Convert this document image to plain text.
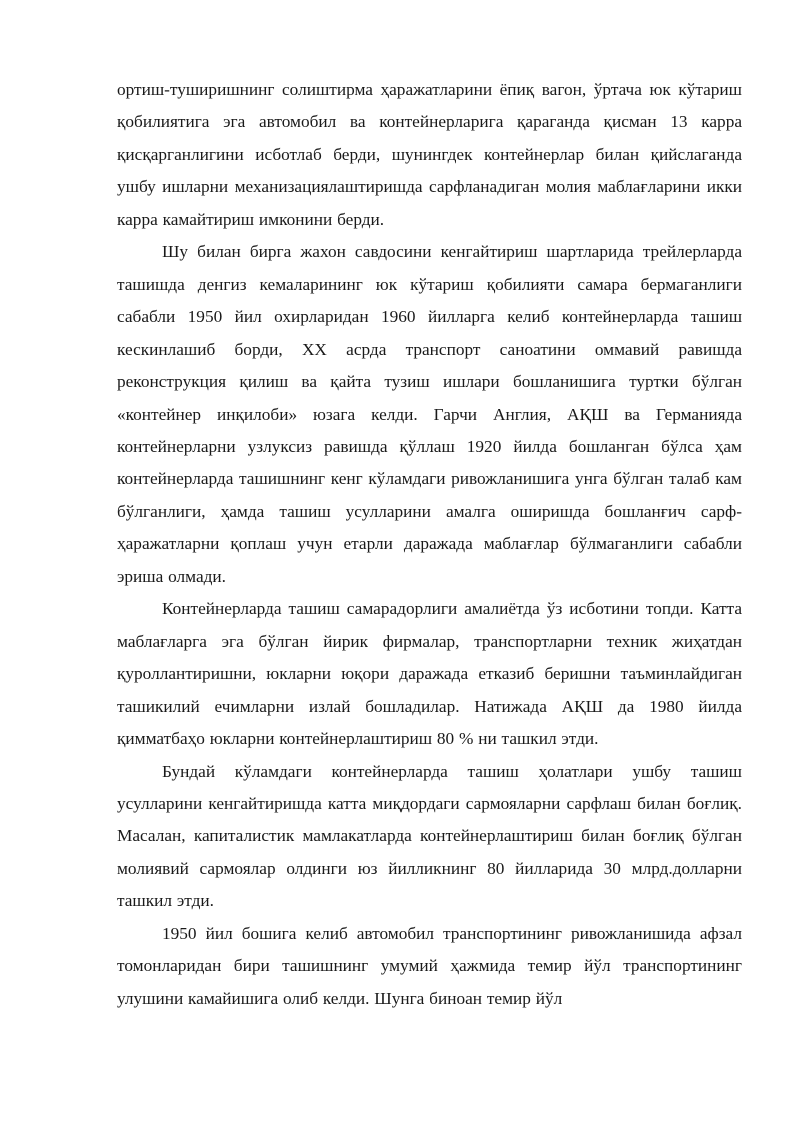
ортиш-туширишнинг солиштирма ҳаражатларини ёпиқ вагон, ўртача юк кўтариш қобилиятига эга автомобил ва контейнерларига қараганда қисман 13 карра қисқарганлигини исботлаб берди, шунингдек контейнерлар билан қийслаганда ушбу ишларни механизациялаштиришда сарфланадиган молия маблағларини икки карра камайтириш имконини берди.

Шу билан бирга жахон савдосини кенгайтириш шартларида трейлерларда ташишда денгиз кемаларининг юк кўтариш қобилияти самара бермаганлиги сабабли 1950 йил охирларидан 1960 йилларга келиб контейнерларда ташиш кескинлашиб борди, XX асрда транспорт саноатини оммавий равишда реконструкция қилиш ва қайта тузиш ишлари бошланишига туртки бўлган «контейнер инқилоби» юзага келди. Гарчи Англия, АҚШ ва Германияда контейнерларни узлуксиз равишда қўллаш 1920 йилда бошланган бўлса ҳам контейнерларда ташишнинг кенг кўламдаги ривожланишига унга бўлган талаб кам бўлганлиги, ҳамда ташиш усулларини амалга оширишда бошланғич сарф-ҳаражатларни қоплаш учун етарли даражада маблағлар бўлмаганлиги сабабли эриша олмади.

Контейнерларда ташиш самарадорлиги амалиётда ўз исботини топди. Катта маблағларга эга бўлган йирик фирмалар, транспортларни техник жиҳатдан қуроллантиришни, юкларни юқори даражада етказиб беришни таъминлайдиган ташикилий ечимларни излай бошладилар. Натижада АҚШ да 1980 йилда қимматбаҳо юкларни контейнерлаштириш 80 % ни ташкил этди.

Бундай кўламдаги контейнерларда ташиш ҳолатлари ушбу ташиш усулларини кенгайтиришда катта миқдордаги сармояларни сарфлаш билан боғлиқ. Масалан, капиталистик мамлакатларда контейнерлаштириш билан боғлиқ бўлган молиявий сармоялар олдинги юз йилликнинг 80 йилларида 30 млрд.долларни ташкил этди.

1950 йил бошига келиб автомобил транспортининг ривожланишида афзал томонларидан бири ташишнинг умумий ҳажмида темир йўл транспортининг улушини камайишига олиб келди. Шунга биноан темир йўл
